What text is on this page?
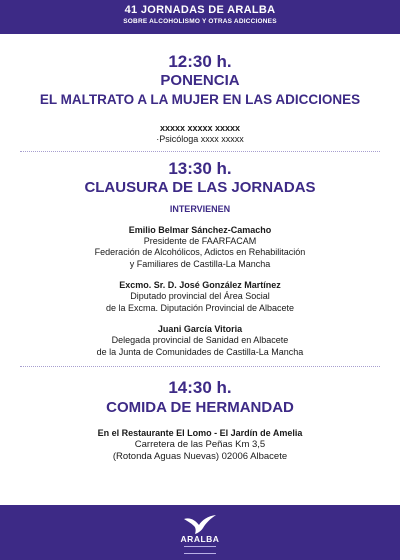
41 JORNADAS DE ARALBA
SOBRE ALCOHOLISMO Y OTRAS ADICCIONES
12:30 h.
PONENCIA
EL MALTRATO A LA MUJER EN LAS ADICCIONES
xxxxx xxxxx xxxxx
·Psicóloga xxxx xxxxx
13:30 h.
CLAUSURA DE LAS JORNADAS
INTERVIENEN
Emilio Belmar Sánchez-Camacho
Presidente de FAARFACAM
Federación de Alcohólicos, Adictos en Rehabilitación
y Familiares de Castilla-La Mancha
Excmo. Sr. D. José González Martínez
Diputado provincial del Área Social
de la Excma. Diputación Provincial de Albacete
Juani García Vitoria
Delegada provincial de Sanidad en Albacete
de la Junta de Comunidades de Castilla-La Mancha
14:30 h.
COMIDA DE HERMANDAD
En el Restaurante El Lomo - El Jardín de Amelia
Carretera de las Peñas Km 3,5
(Rotonda Aguas Nuevas) 02006 Albacete
ARALBA
